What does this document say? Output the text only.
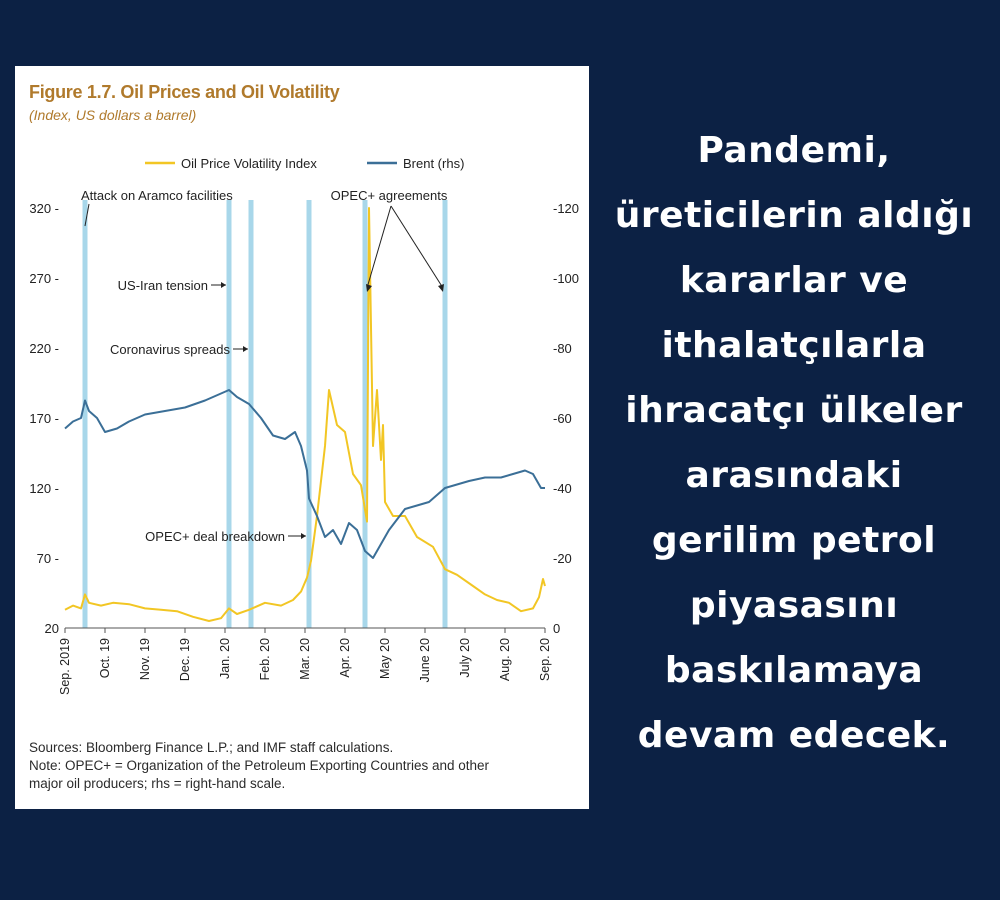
Figure 1.7. Oil Prices and Oil Volatility
(Index, US dollars a barrel)
Oil Price Volatility Index	Brent (rhs)
320 -
270 -
220 -
170 -
120 -
70 -
20
-120
-100
-80
-60
-40
-20
0
Sep. 2019 Oct. 19 Nov. 19 Dec. 19 Jan. 20 Feb. 20 Mar. 20 Apr. 20 May 20 June 20 July 20 Aug. 20 Sep. 20
Attack on Aramco facilities
US-Iran tension
Coronavirus spreads
OPEC+ deal breakdown
OPEC+ agreements
Sources: Bloomberg Finance L.P.; and IMF staff calculations.
Note: OPEC+ = Organization of the Petroleum Exporting Countries and other
major oil producers; rhs = right-hand scale.
Pandemi,
üreticilerin aldığı
kararlar ve
ithalatçılarla
ihracatçı ülkeler
arasındaki
gerilim petrol
piyasasını
baskılamaya
devam edecek.
